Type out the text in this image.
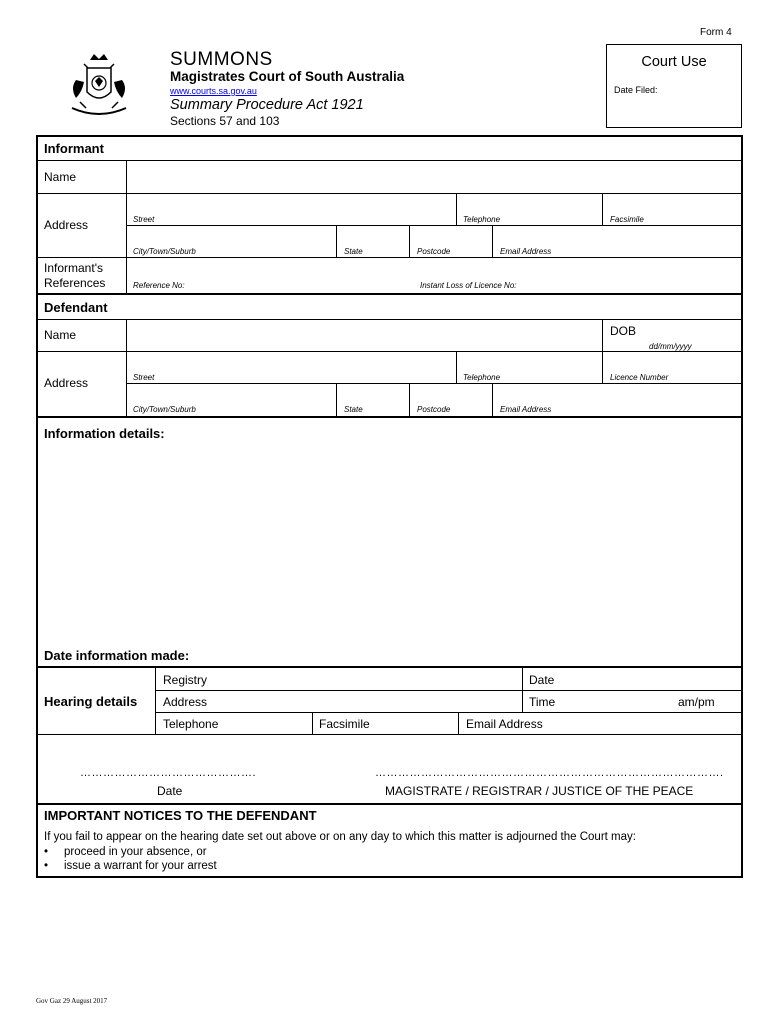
Form 4
SUMMONS
Magistrates Court of South Australia
www.courts.sa.gov.au
Summary Procedure Act 1921
Sections 57 and 103
Court Use
Date Filed:
Informant
Name
Address	Street	Telephone	Facsimile
City/Town/Suburb	State	Postcode	Email Address
Informant's
References	Reference No:	Instant Loss of Licence No:
Defendant
Name	DOB
dd/mm/yyyy
Address	Street	Telephone	Licence Number
City/Town/Suburb	State	Postcode	Email Address
Information details:
Date information made:
Hearing details
Registry	Date
Address	Time	am/pm
Telephone	Facsimile	Email Address
……………………………………….	……………………………………………………………………………….
Date	MAGISTRATE / REGISTRAR / JUSTICE OF THE PEACE
IMPORTANT NOTICES TO THE DEFENDANT
If you fail to appear on the hearing date set out above or on any day to which this matter is adjourned the Court may:
• proceed in your absence, or
• issue a warrant for your arrest
Gov Gaz 29 August 2017
